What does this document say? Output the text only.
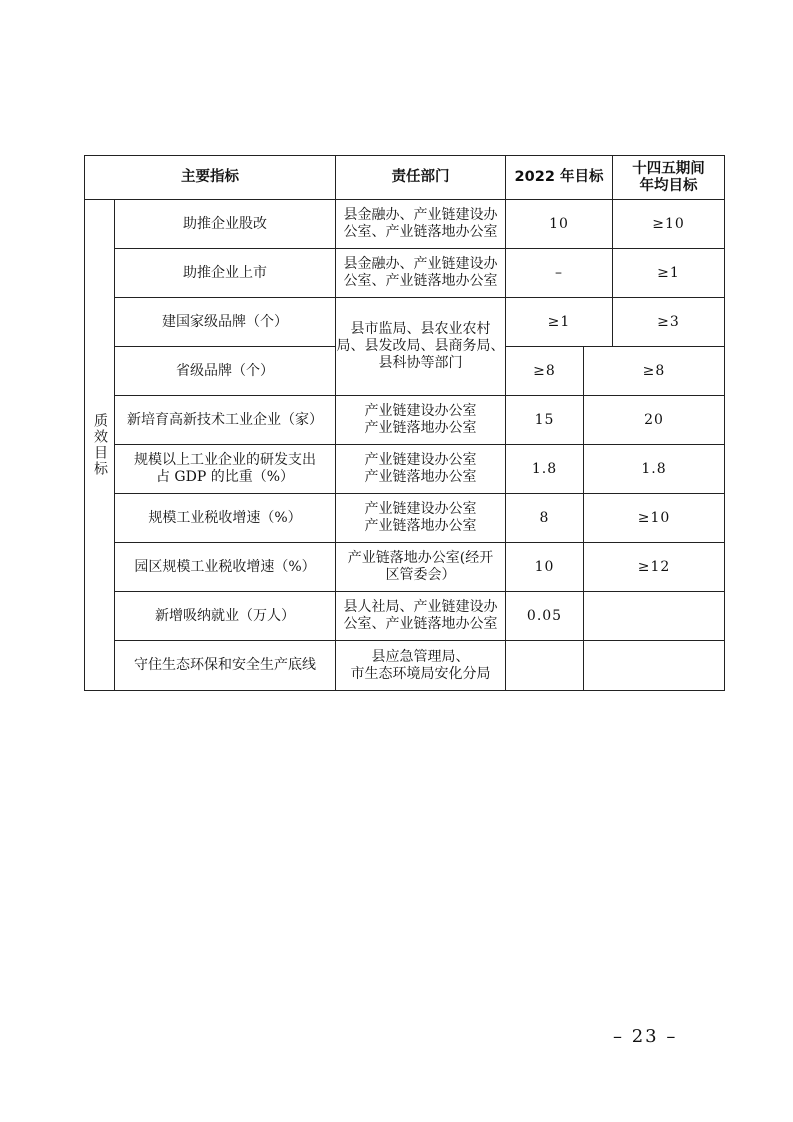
主要指标		责任部门	2022 年目标		十四五期间
年均目标

质效目标	助推企业股改	县金融办、产业链建设办
公室、产业链落地办公室	10		≥10
	助推企业上市	县金融办、产业链建设办
公室、产业链落地办公室	–		≥1
	建国家级品牌（个）	县市监局、县农业农村
局、县发改局、县商务局、
县科协等部门	≥1		≥3
	省级品牌（个）		≥8	≥8	
	新培育高新技术工业企业（家）	产业链建设办公室
产业链落地办公室	15	20	

	规模以上工业企业的研发支出
占 GDP 的比重（%）	产业链建设办公室
产业链落地办公室	1.8	1.8	
	规模工业税收增速（%）	产业链建设办公室
产业链落地办公室	8	≥10	
	园区规模工业税收增速（%）	产业链落地办公室(经开
区管委会）	10	≥12	
	新增吸纳就业（万人）	县人社局、产业链建设办
公室、产业链落地办公室	0.05		
	守住生态环保和安全生产底线	县应急管理局、
市生态环境局安化分局			

– 23 –
